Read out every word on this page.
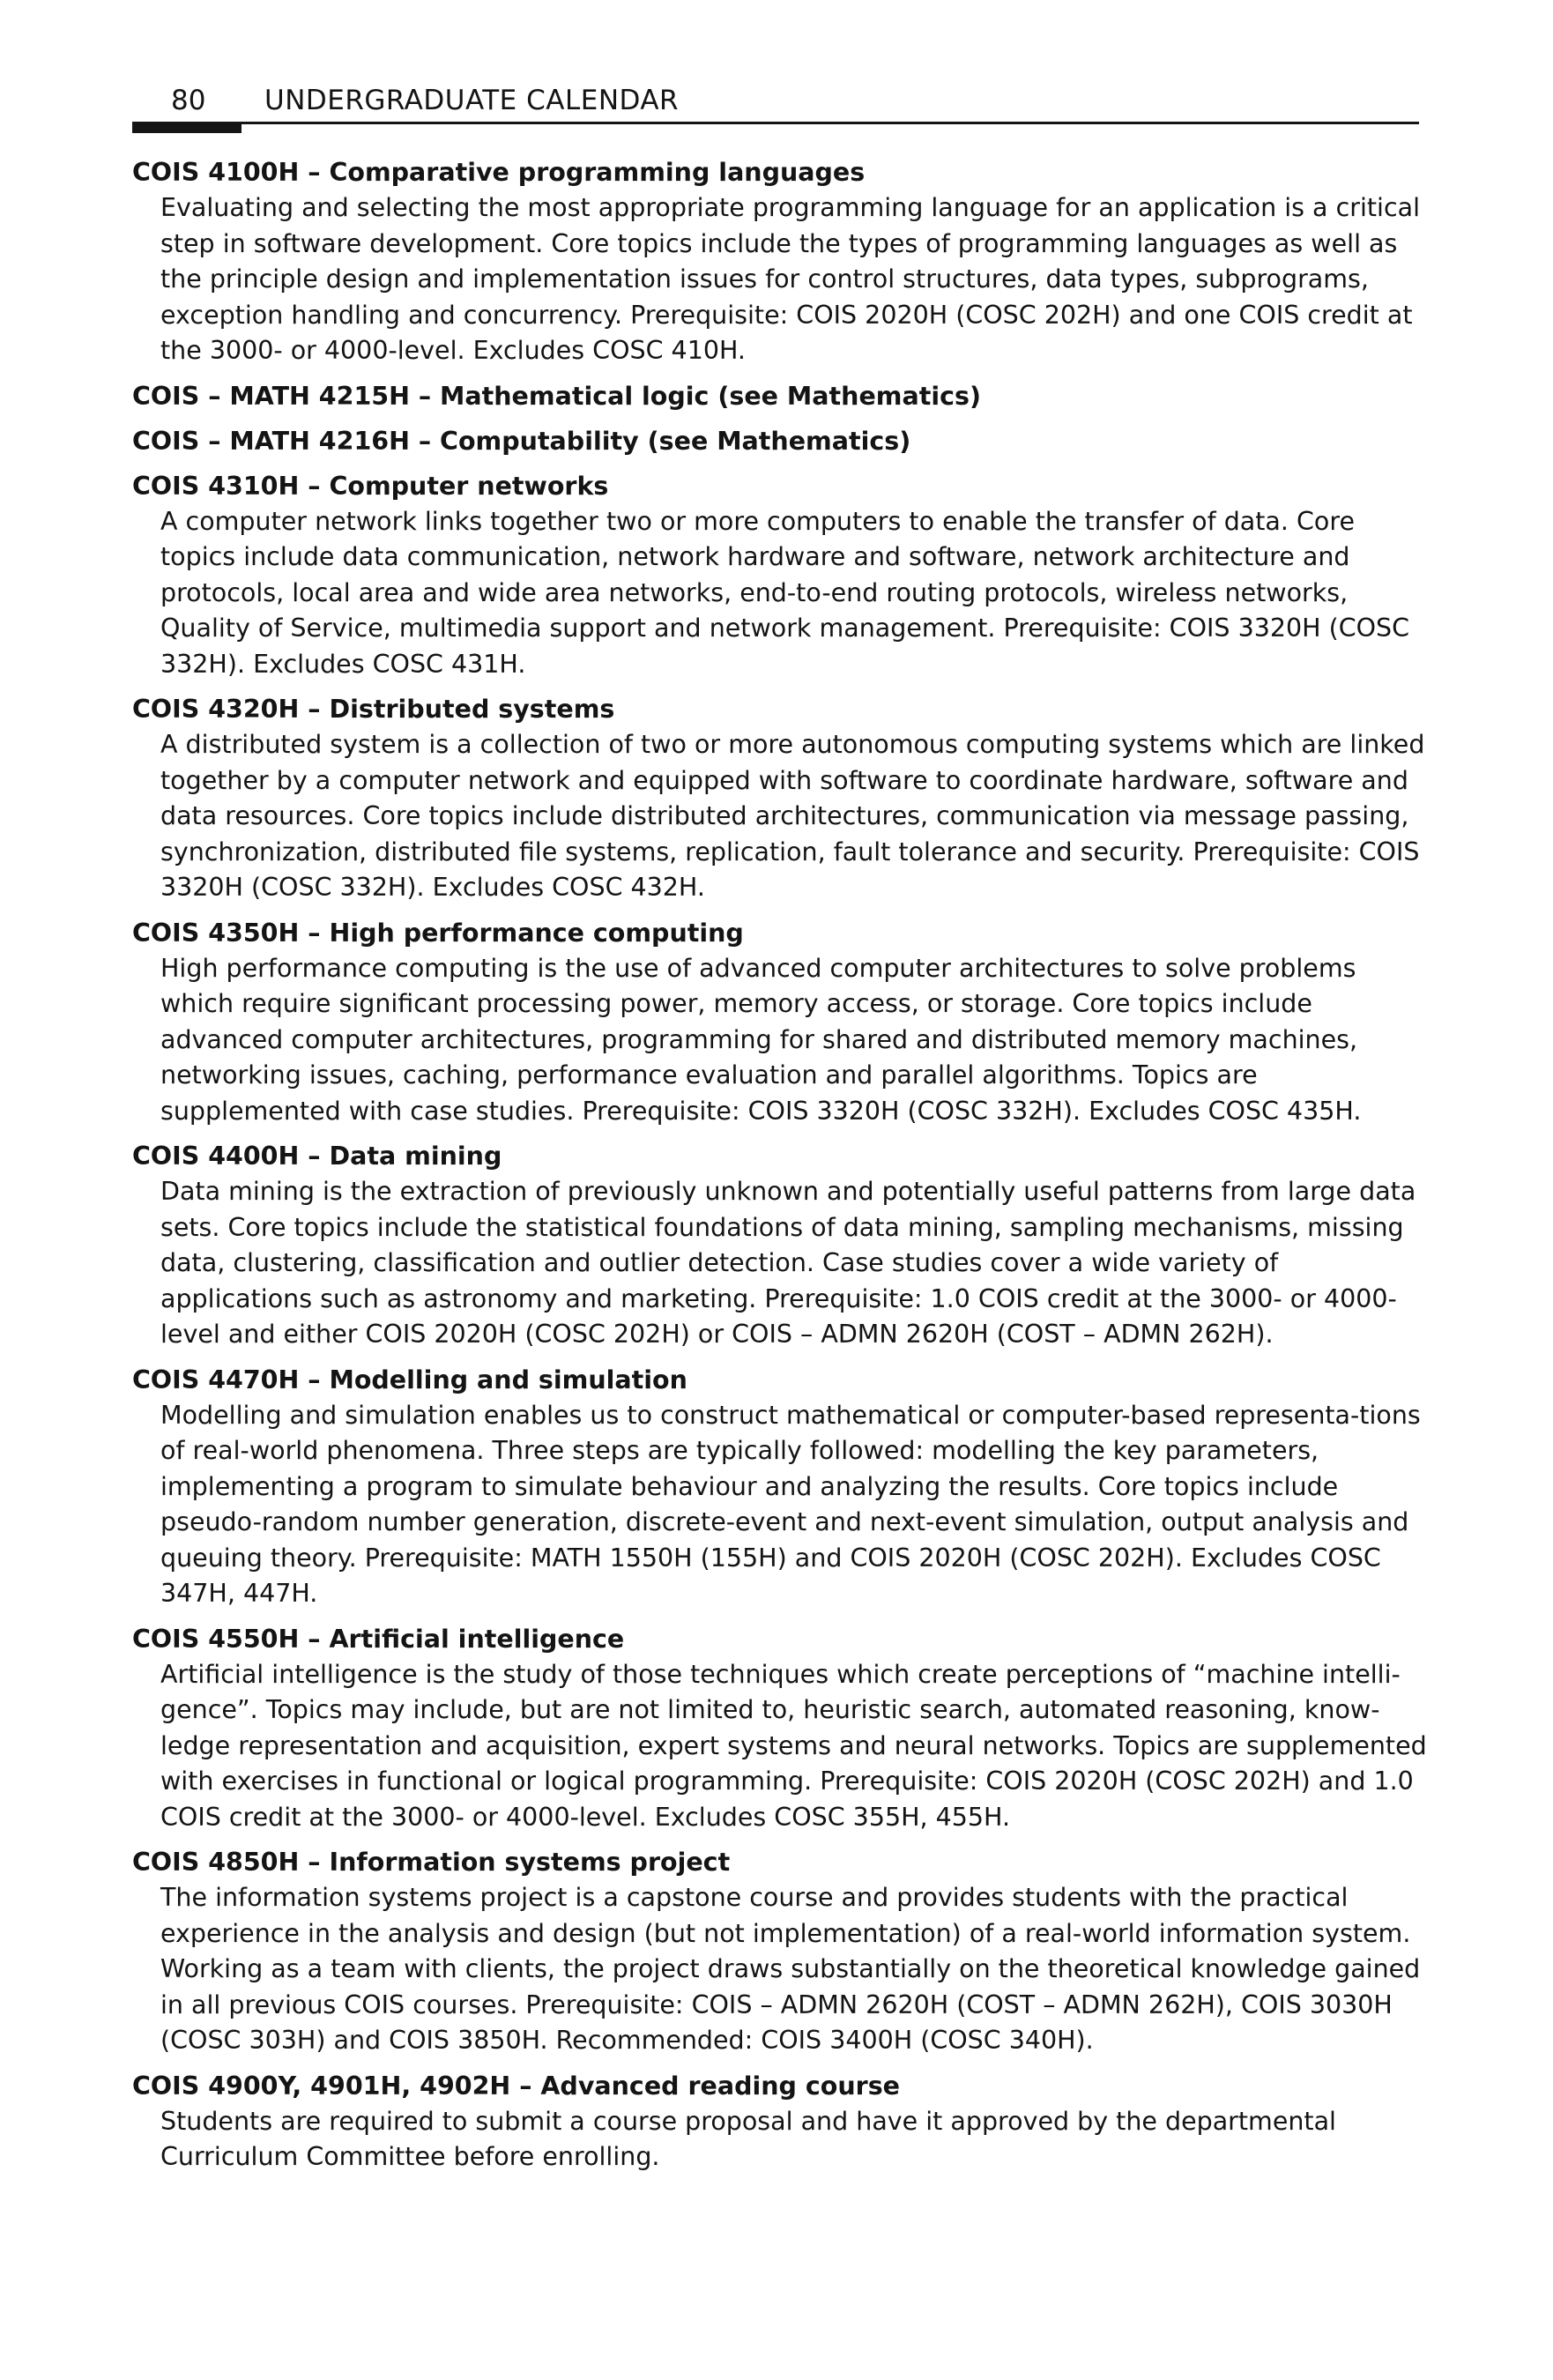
80 UNDERGRADUATE CALENDAR

COIS 4100H – Comparative programming languages

Evaluating and selecting the most appropriate programming language for an application is a critical step in software development. Core topics include the types of programming languages as well as the principle design and implementation issues for control structures, data types, subprograms, exception handling and concurrency. Prerequisite: COIS 2020H (COSC 202H) and one COIS credit at the 3000- or 4000-level. Excludes COSC 410H.

COIS – MATH 4215H – Mathematical logic (see Mathematics)

COIS – MATH 4216H – Computability (see Mathematics)

COIS 4310H – Computer networks

A computer network links together two or more computers to enable the transfer of data. Core topics include data communication, network hardware and software, network architecture and protocols, local area and wide area networks, end-to-end routing protocols, wireless networks, Quality of Service, multimedia support and network management. Prerequisite: COIS 3320H (COSC 332H). Excludes COSC 431H.

COIS 4320H – Distributed systems

A distributed system is a collection of two or more autonomous computing systems which are linked together by a computer network and equipped with software to coordinate hardware, software and data resources. Core topics include distributed architectures, communication via message passing, synchronization, distributed file systems, replication, fault tolerance and security. Prerequisite: COIS 3320H (COSC 332H). Excludes COSC 432H.

COIS 4350H – High performance computing

High performance computing is the use of advanced computer architectures to solve problems which require significant processing power, memory access, or storage. Core topics include advanced computer architectures, programming for shared and distributed memory machines, networking issues, caching, performance evaluation and parallel algorithms. Topics are supplemented with case studies. Prerequisite: COIS 3320H (COSC 332H). Excludes COSC 435H.

COIS 4400H – Data mining

Data mining is the extraction of previously unknown and potentially useful patterns from large data sets. Core topics include the statistical foundations of data mining, sampling mechanisms, missing data, clustering, classification and outlier detection. Case studies cover a wide variety of applications such as astronomy and marketing. Prerequisite: 1.0 COIS credit at the 3000- or 4000-level and either COIS 2020H (COSC 202H) or COIS – ADMN 2620H (COST – ADMN 262H).

COIS 4470H – Modelling and simulation

Modelling and simulation enables us to construct mathematical or computer-based representa-tions of real-world phenomena. Three steps are typically followed: modelling the key parameters, implementing a program to simulate behaviour and analyzing the results. Core topics include pseudo-random number generation, discrete-event and next-event simulation, output analysis and queuing theory. Prerequisite: MATH 1550H (155H) and COIS 2020H (COSC 202H). Excludes COSC 347H, 447H.

COIS 4550H – Artificial intelligence

Artificial intelligence is the study of those techniques which create perceptions of “machine intelli-gence”. Topics may include, but are not limited to, heuristic search, automated reasoning, know-ledge representation and acquisition, expert systems and neural networks. Topics are supplemented with exercises in functional or logical programming. Prerequisite: COIS 2020H (COSC 202H) and 1.0 COIS credit at the 3000- or 4000-level. Excludes COSC 355H, 455H.

COIS 4850H – Information systems project

The information systems project is a capstone course and provides students with the practical experience in the analysis and design (but not implementation) of a real-world information system. Working as a team with clients, the project draws substantially on the theoretical knowledge gained in all previous COIS courses. Prerequisite: COIS – ADMN 2620H (COST – ADMN 262H), COIS 3030H (COSC 303H) and COIS 3850H. Recommended: COIS 3400H (COSC 340H).

COIS 4900Y, 4901H, 4902H – Advanced reading course

Students are required to submit a course proposal and have it approved by the departmental Curriculum Committee before enrolling.
